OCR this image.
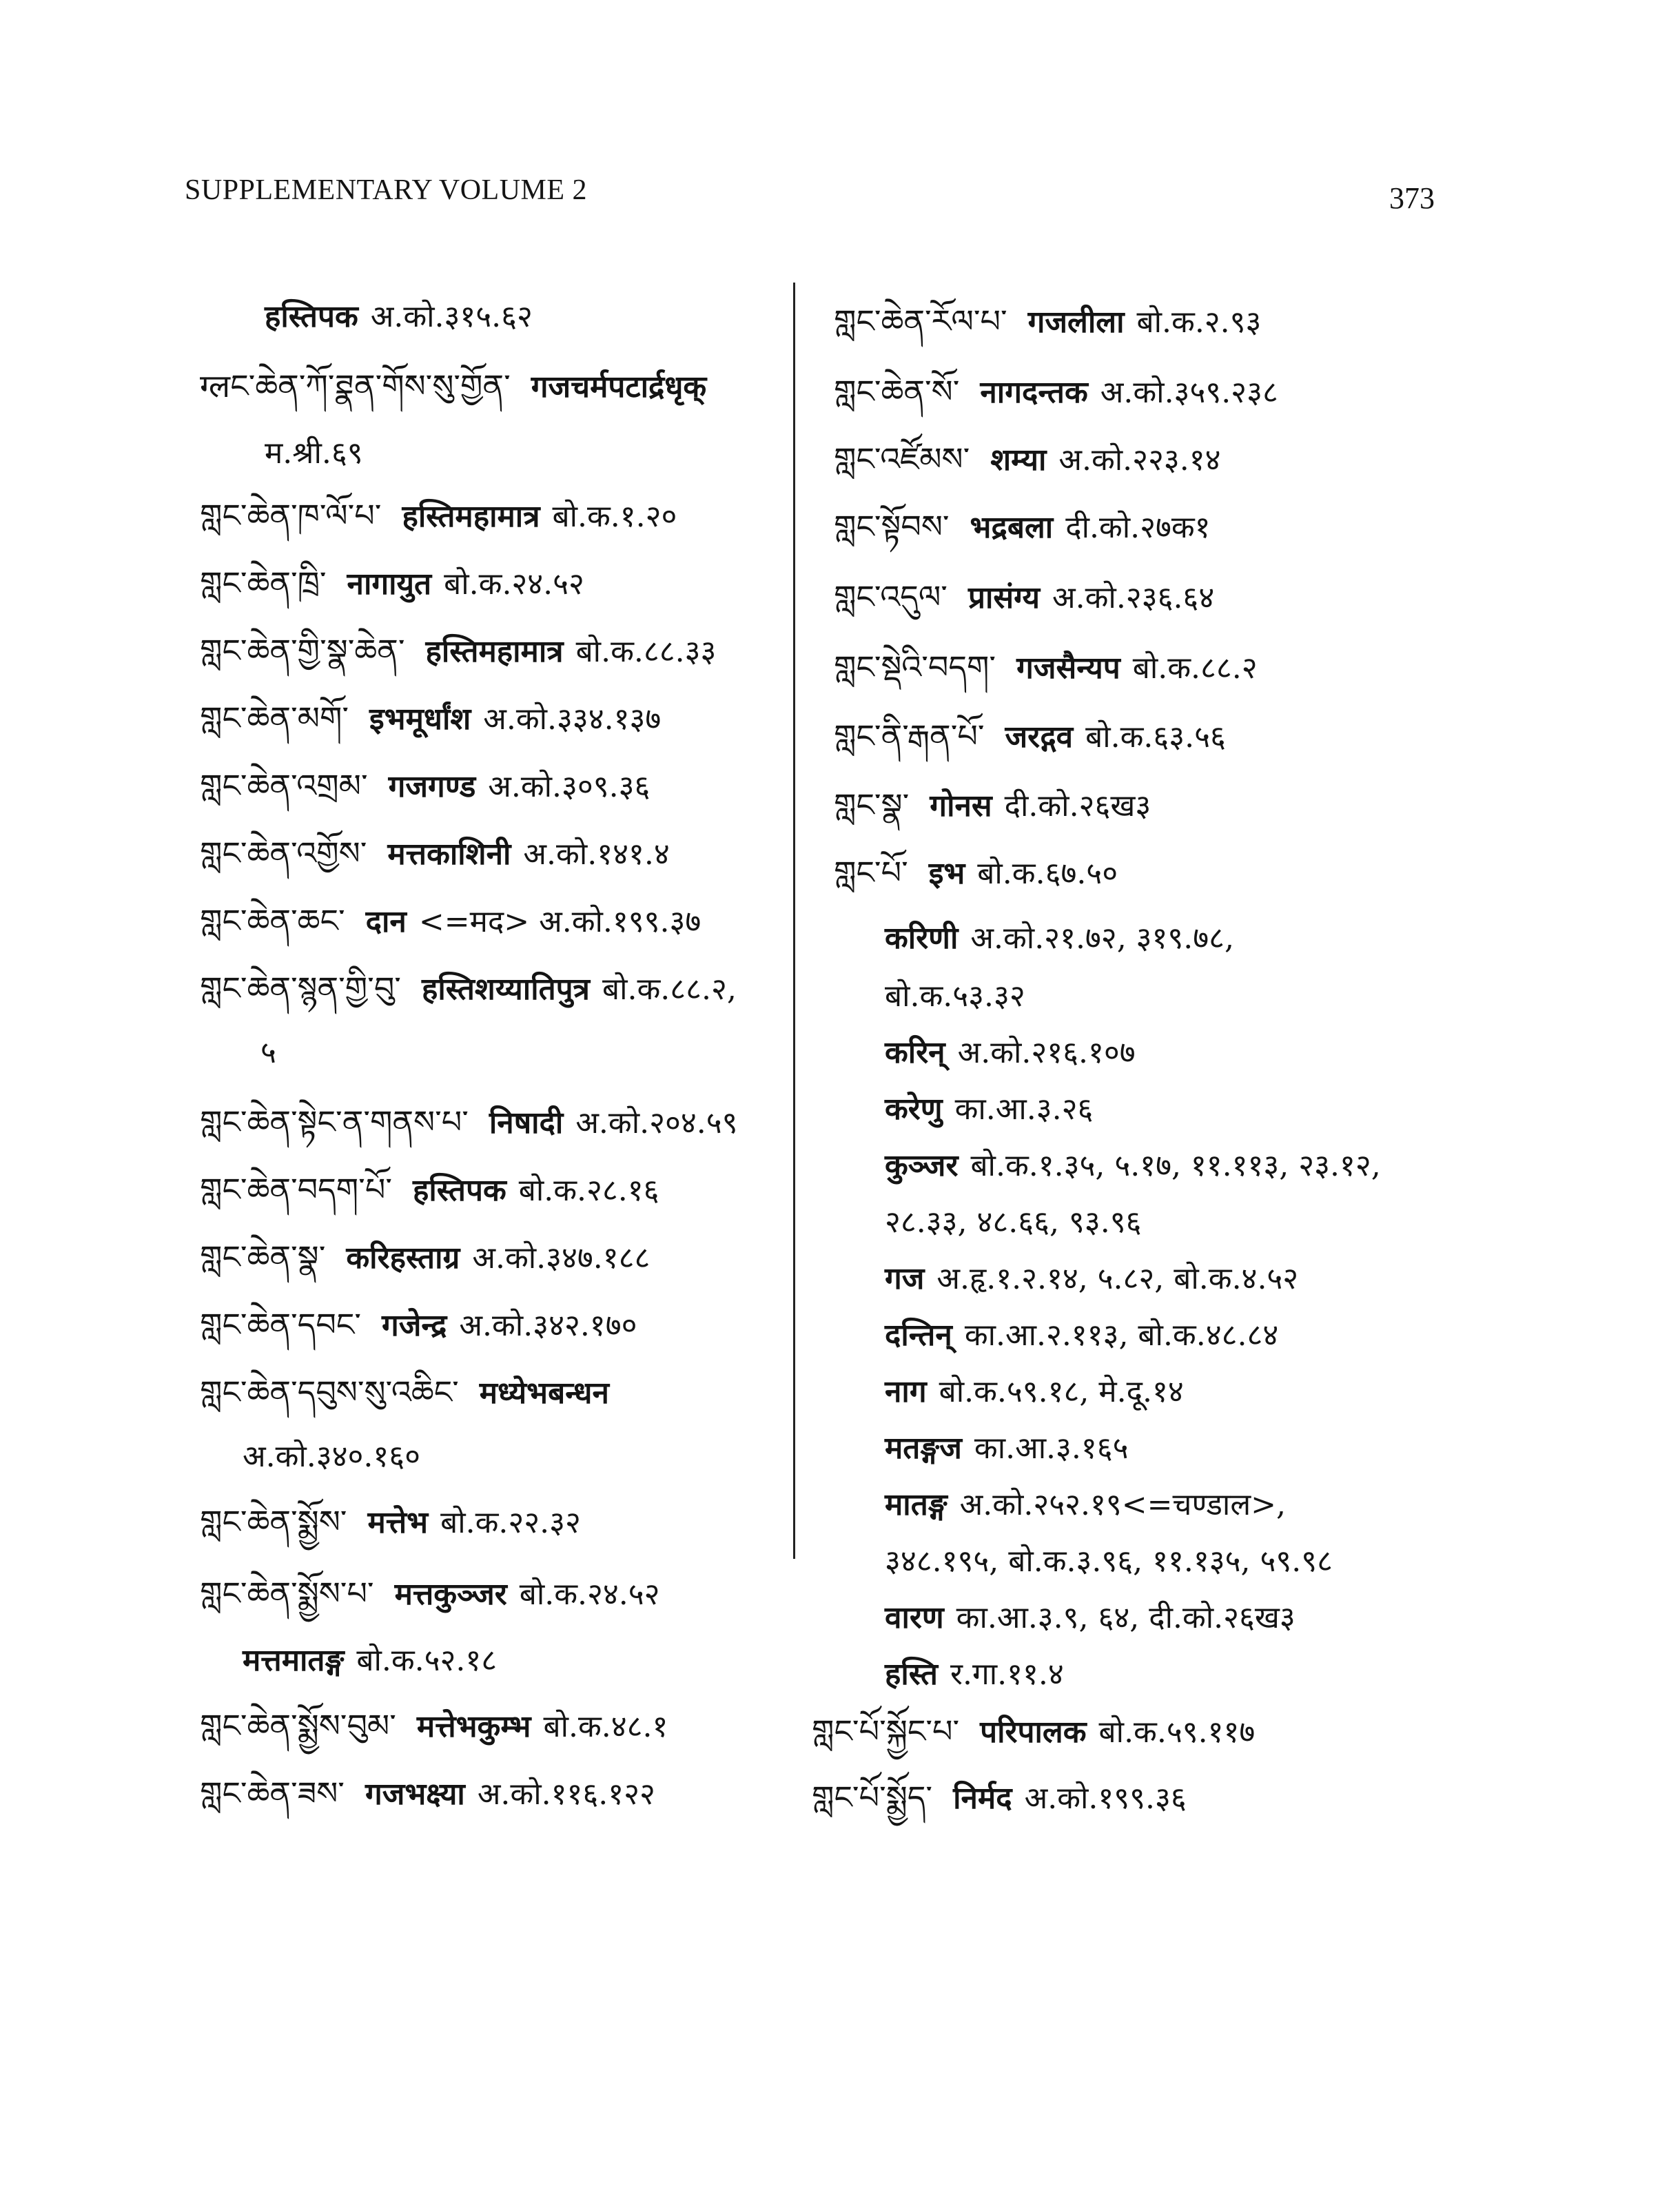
SUPPLEMENTARY VOLUME 2	373
हस्तिपक अ.को.३१५.६२
ग्लང་ཆེན་ཀོ་ཊྣན་གོས་སུ་གྱོན་ गजचर्मपटार्द्रधृक्
म.श्री.६९
གླང་ཆེན་ཁ་ལོ་པ་ हस्तिमहामात्र बो.क.१.२०
གླང་ཆེན་ཁྲི་ नागायुत बो.क.२४.५२
གླང་ཆེན་གྱི་སྣ་ཆེན་ हस्तिमहामात्र बो.क.८८.३३
གླང་ཆེན་མགོ་ इभमूर्धांश अ.को.३३४.१३७
གླང་ཆེན་འགྲམ་ गजगण्ड अ.को.३०९.३६
གླང་ཆེན་འགྱོས་ मत्तकाशिनी अ.को.१४१.४
གླང་ཆེན་ཆང་ दान <=मद> अ.को.१९९.३७
གླང་ཆེན་སྙན་གྱི་བུ་ हस्तिशय्यातिपुत्र बो.क.८८.२,
५
གླང་ཆེན་སྟེང་ན་གནས་པ་ निषादी अ.को.२०४.५९
གླང་ཆེན་བདག་པོ་ हस्तिपक बो.क.२८.१६
གླང་ཆེན་སྣ་ करिहस्ताग्र अ.को.३४७.१८८
གླང་ཆེན་དབང་ गजेन्द्र अ.को.३४२.१७०
གླང་ཆེན་དབུས་སུ་འཆིང་ मध्येभबन्धन
अ.को.३४०.१६०
གླང་ཆེན་སྨྱོས་ मत्तेभ बो.क.२२.३२
གླང་ཆེན་སྨྱོས་པ་ मत्तकुञ्जर बो.क.२४.५२
मत्तमातङ्ग बो.क.५२.१८
གླང་ཆེན་སྨྱོས་བུམ་ मत्तेभकुम्भ बो.क.४८.१
གླང་ཆེན་ཟས་ गजभक्ष्या अ.को.११६.१२२
གླང་ཆེན་རོལ་པ་ गजलीला बो.क.२.९३
གླང་ཆེན་སོ་ नागदन्तक अ.को.३५९.२३८
གླང་འཛོམས་ शम्या अ.को.२२३.१४
གླང་སྟོབས་ भद्रबला दी.को.२७क१
གླང་འདུལ་ प्रासंग्य अ.को.२३६.६४
གླང་སྡེའི་བདག་ गजसैन्यप बो.क.८८.२
གླང་ནི་རྒན་པོ་ जरद्गव बो.क.६३.५६
གླང་སྣ་ गोनस दी.को.२६ख३
གླང་པོ་ इभ बो.क.६७.५०
करिणी अ.को.२१.७२, ३१९.७८,
बो.क.५३.३२
करिन् अ.को.२१६.१०७
करेणु का.आ.३.२६
कुञ्जर बो.क.१.३५, ५.१७, ११.११३, २३.१२,
२८.३३, ४८.६६, ९३.९६
गज अ.हृ.१.२.१४, ५.८२, बो.क.४.५२
दन्तिन् का.आ.२.११३, बो.क.४८.८४
नाग बो.क.५९.१८, मे.दू.१४
मतङ्गज का.आ.३.१६५
मातङ्ग अ.को.२५२.१९<=चण्डाल>,
३४८.१९५, बो.क.३.९६, ११.१३५, ५९.९८
वारण का.आ.३.९, ६४, दी.को.२६ख३
हस्ति र.गा.११.४
གླང་པོ་སྐྱོང་པ་ परिपालक बो.क.५९.११७
གླང་པོ་སྨྱོད་ निर्मद अ.को.१९९.३६
